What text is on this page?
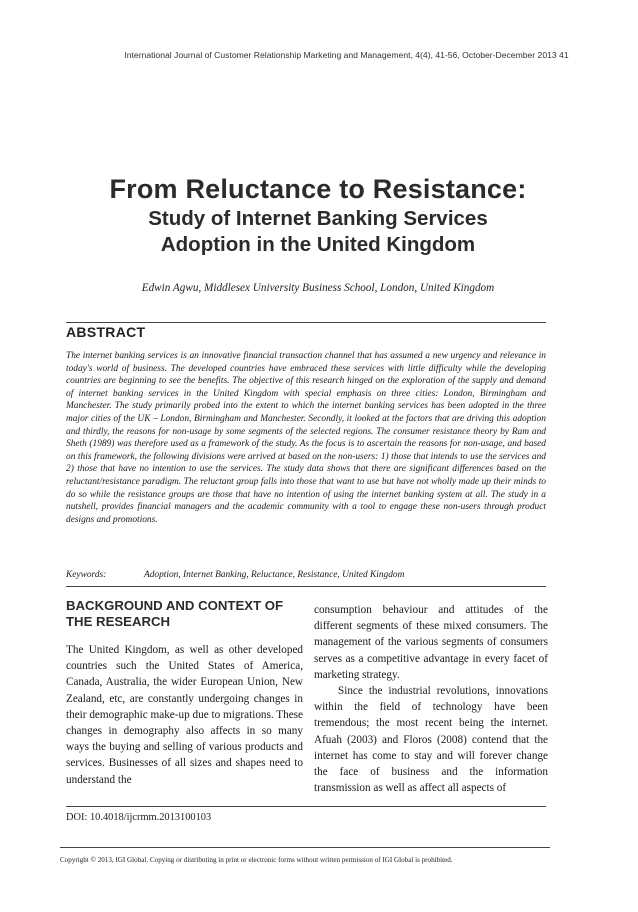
International Journal of Customer Relationship Marketing and Management, 4(4), 41-56, October-December 2013 41
From Reluctance to Resistance:
Study of Internet Banking Services
Adoption in the United Kingdom
Edwin Agwu, Middlesex University Business School, London, United Kingdom
ABSTRACT
The internet banking services is an innovative financial transaction channel that has assumed a new urgency and relevance in today's world of business. The developed countries have embraced these services with little difficulty while the developing countries are beginning to see the benefits. The objective of this research hinged on the exploration of the supply and demand of internet banking services in the United Kingdom with special emphasis on three cities: London, Birmingham and Manchester. The study primarily probed into the extent to which the internet banking services has been adopted in the three major cities of the UK – London, Birmingham and Manchester. Secondly, it looked at the factors that are driving this adoption and thirdly, the reasons for non-usage by some segments of the selected regions. The consumer resistance theory by Ram and Sheth (1989) was therefore used as a framework of the study. As the focus is to ascertain the reasons for non-usage, and based on this framework, the following divisions were arrived at based on the non-users: 1) those that intends to use the services and 2) those that have no intention to use the services. The study data shows that there are significant differences based on the reluctant/resistance paradigm. The reluctant group falls into those that want to use but have not wholly made up their minds to do so while the resistance groups are those that have no intention of using the internet banking system at all. The study in a nutshell, provides financial managers and the academic community with a tool to engage these non-users through product designs and promotions.
Keywords:	Adoption, Internet Banking, Reluctance, Resistance, United Kingdom
BACKGROUND AND CONTEXT OF THE RESEARCH
The United Kingdom, as well as other developed countries such the United States of America, Canada, Australia, the wider European Union, New Zealand, etc, are constantly undergoing changes in their demographic make-up due to migrations. These changes in demography also affects in so many ways the buying and selling of various products and services. Businesses of all sizes and shapes need to understand the
consumption behaviour and attitudes of the different segments of these mixed consumers. The management of the various segments of consumers serves as a competitive advantage in every facet of marketing strategy.
Since the industrial revolutions, innovations within the field of technology have been tremendous; the most recent being the internet. Afuah (2003) and Floros (2008) contend that the internet has come to stay and will forever change the face of business and the information transmission as well as affect all aspects of
DOI: 10.4018/ijcrmm.2013100103
Copyright © 2013, IGI Global. Copying or distributing in print or electronic forms without written permission of IGI Global is prohibited.
